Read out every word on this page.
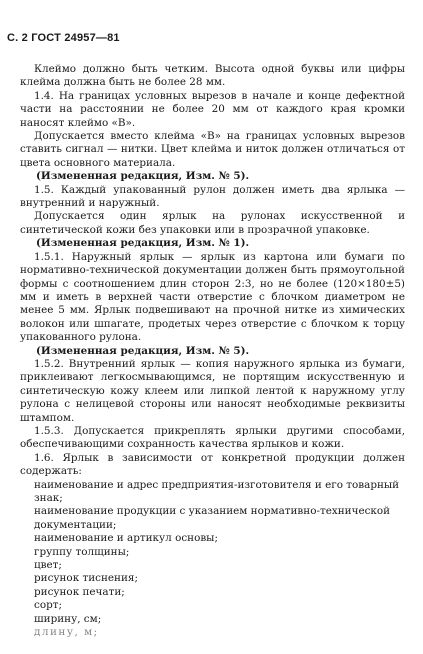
С. 2 ГОСТ 24957—81

Клеймо должно быть четким. Высота одной буквы или цифры клейма должна быть не более 28 мм.

1.4. На границах условных вырезов в начале и конце дефектной части на расстоянии не более 20 мм от каждого края кромки наносят клеймо «В».

Допускается вместо клейма «В» на границах условных вырезов ставить сигнал — нитки. Цвет клейма и ниток должен отличаться от цвета основного материала.

(Измененная редакция, Изм. № 5).

1.5. Каждый упакованный рулон должен иметь два ярлыка — внутренний и наружный.

Допускается один ярлык на рулонах искусственной и синтетической кожи без упаковки или в прозрачной упаковке.

(Измененная редакция, Изм. № 1).

1.5.1. Наружный ярлык — ярлык из картона или бумаги по нормативно-технической документации должен быть прямоугольной формы с соотношением длин сторон 2:3, но не более (120×180±5) мм и иметь в верхней части отверстие с блочком диаметром не менее 5 мм. Ярлык подвешивают на прочной нитке из химических волокон или шпагате, продетых через отверстие с блочком к торцу упакованного рулона.

(Измененная редакция, Изм. № 5).

1.5.2. Внутренний ярлык — копия наружного ярлыка из бумаги, приклеивают легкосмывающимся, не портящим искусственную и синтетическую кожу клеем или липкой лентой к наружному углу рулона с нелицевой стороны или наносят необходимые реквизиты штампом.

1.5.3. Допускается прикреплять ярлыки другими способами, обеспечивающими сохранность качества ярлыков и кожи.

1.6. Ярлык в зависимости от конкретной продукции должен содержать:

наименование и адрес предприятия-изготовителя и его товарный знак;

наименование продукции с указанием нормативно-технической документации;

наименование и артикул основы;

группу толщины;

цвет;

рисунок тиснения;

рисунок печати;

сорт;

ширину, см;

длину, м;
